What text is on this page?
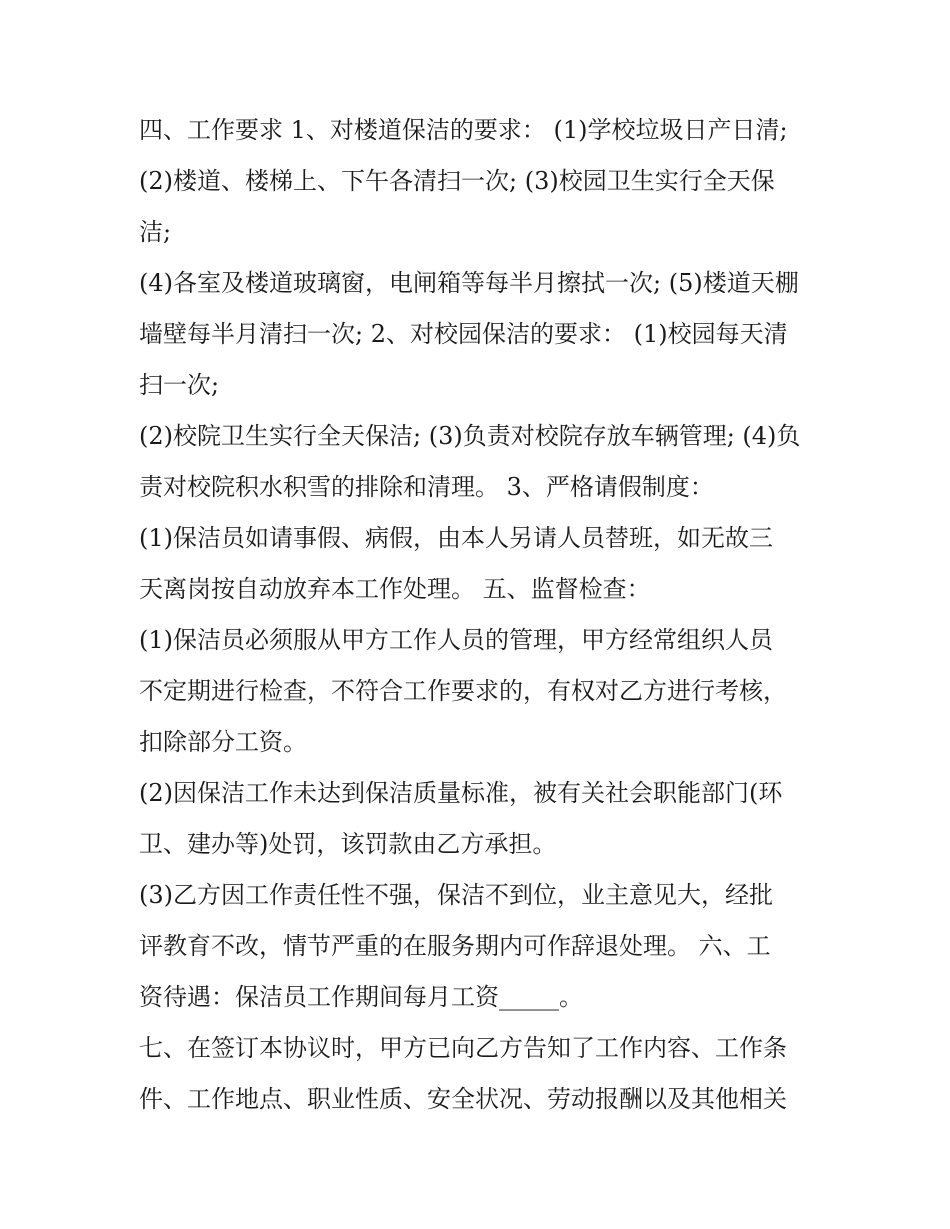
四、工作要求 1、对楼道保洁的要求： (1)学校垃圾日产日清;
(2)楼道、楼梯上、下午各清扫一次; (3)校园卫生实行全天保
洁;

(4)各室及楼道玻璃窗，电闸箱等每半月擦拭一次; (5)楼道天棚
墙壁每半月清扫一次; 2、对校园保洁的要求： (1)校园每天清
扫一次;

(2)校院卫生实行全天保洁; (3)负责对校院存放车辆管理; (4)负
责对校院积水积雪的排除和清理。 3、严格请假制度：

(1)保洁员如请事假、病假，由本人另请人员替班，如无故三
天离岗按自动放弃本工作处理。 五、监督检查：

(1)保洁员必须服从甲方工作人员的管理，甲方经常组织人员
不定期进行检查，不符合工作要求的，有权对乙方进行考核，
扣除部分工资。

(2)因保洁工作未达到保洁质量标准，被有关社会职能部门(环
卫、建办等)处罚，该罚款由乙方承担。

(3)乙方因工作责任性不强，保洁不到位，业主意见大，经批
评教育不改，情节严重的在服务期内可作辞退处理。 六、工
资待遇：保洁员工作期间每月工资_____。

七、在签订本协议时，甲方已向乙方告知了工作内容、工作条
件、工作地点、职业性质、安全状况、劳动报酬以及其他相关
